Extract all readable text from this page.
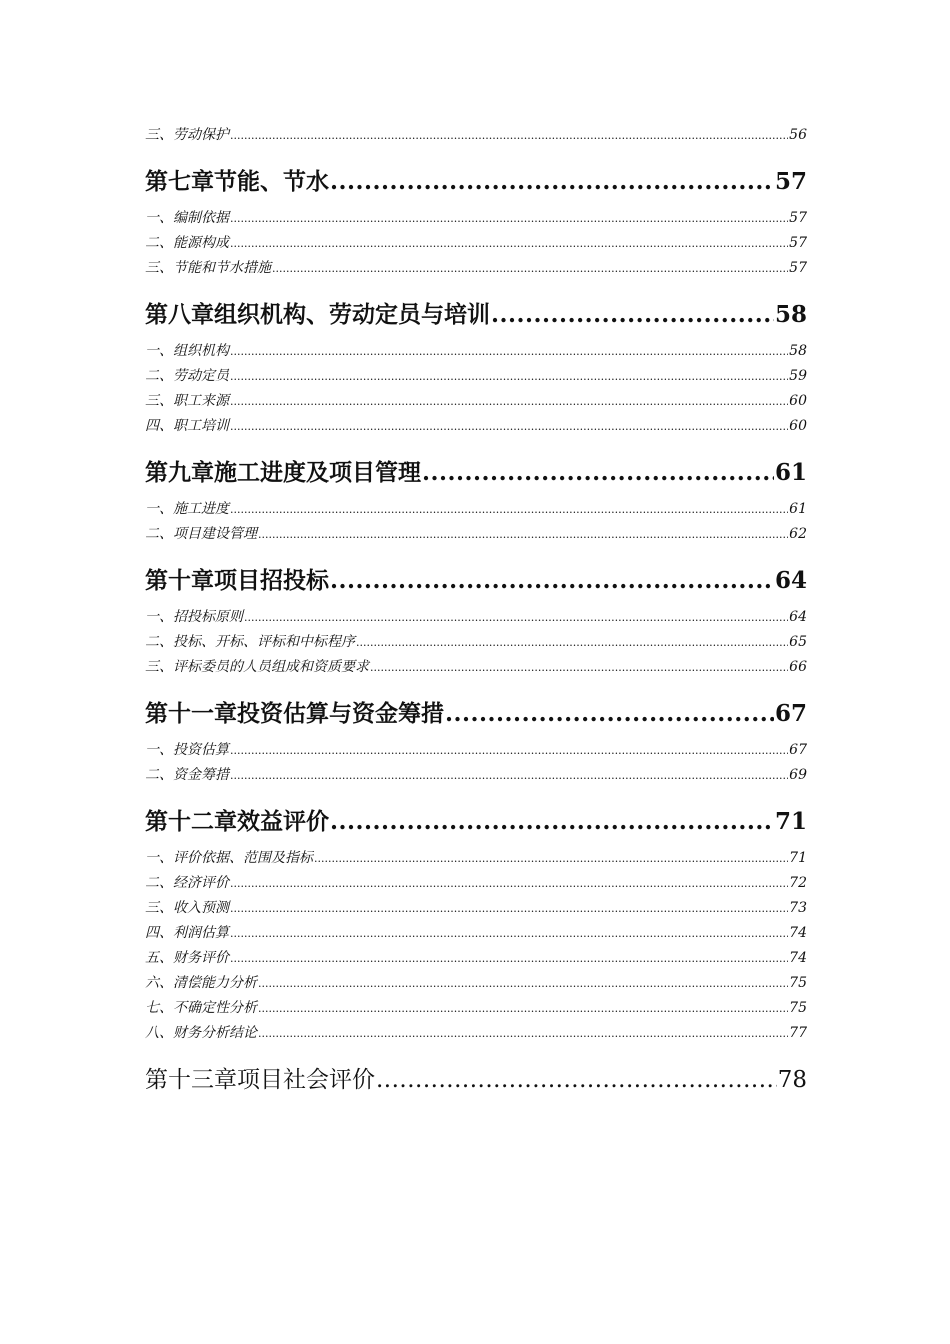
三、劳动保护 .....	56
第七章节能、节水 .....	57
一、编制依据 .....	57
二、能源构成 .....	57
三、节能和节水措施 .....	57
第八章组织机构、劳动定员与培训 .....	58
一、组织机构 .....	58
二、劳动定员 .....	59
三、职工来源 .....	60
四、职工培训 .....	60
第九章施工进度及项目管理 .....	61
一、施工进度 .....	61
二、项目建设管理 .....	62
第十章项目招投标 .....	64
一、招投标原则 .....	64
二、投标、开标、评标和中标程序 .....	65
三、评标委员的人员组成和资质要求 .....	66
第十一章投资估算与资金筹措 .....	67
一、投资估算 .....	67
二、资金筹措 .....	69
第十二章效益评价 .....	71
一、评价依据、范围及指标 .....	71
二、经济评价 .....	72
三、收入预测 .....	73
四、利润估算 .....	74
五、财务评价 .....	74
六、清偿能力分析 .....	75
七、不确定性分析 .....	75
八、财务分析结论 .....	77
第十三章项目社会评价 .....	78
